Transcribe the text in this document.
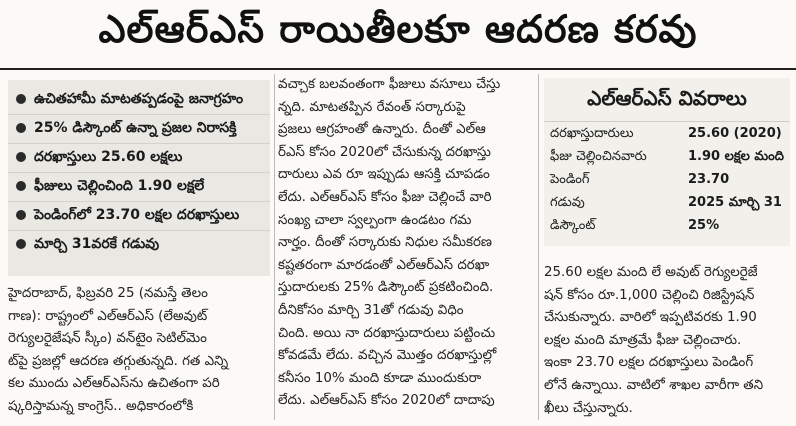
ఎల్‌ఆర్‌ఎస్‌ రాయితీలకూ ఆదరణ కరవు
ఉచితహామీ మాటతప్పడంపై జనాగ్రహం
25% డిస్కౌంట్‌ ఉన్నా ప్రజల నిరాసక్తి
దరఖాస్తులు 25.60 లక్షలు
ఫీజులు చెల్లించింది 1.90 లక్షలే
పెండింగ్‌లో 23.70 లక్షల దరఖాస్తులు
మార్చి 31వరకే గడువు
హైదరాబాద్‌, ఫిబ్రవరి 25 (నమస్తే తెలం
గాణ): రాష్ట్రంలో ఎల్‌ఆర్‌ఎస్‌ (లేఅవుట్‌
రెగ్యులరైజేషన్‌ స్కీం) వన్‌టైం సెటిల్‌మెం
ట్‌పై ప్రజల్లో ఆదరణ తగ్గుతున్నది. గత ఎన్ని
కల ముందు ఎల్‌ఆర్‌ఎస్‌ను ఉచితంగా పరి
ష్కరిస్తామన్న కాంగ్రెస్‌.. అధికారంలోకి
వచ్చాక బలవంతంగా ఫీజులు వసూలు చేస్తు
న్నది. మాటతప్పిన రేవంత్‌ సర్కారుపై
ప్రజలు ఆగ్రహంతో ఉన్నారు. దీంతో ఎల్‌ఆ
ర్‌ఎస్‌ కోసం 2020లో చేసుకున్న దరఖాస్తు
దారులు ఎవ రూ ఇప్పుడు ఆసక్తి చూపడం
లేదు. ఎల్‌ఆర్‌ఎస్‌ కోసం ఫీజు చెల్లించే వారి
సంఖ్య చాలా స్వల్పంగా ఉండటం గమ
నార్హం. దీంతో సర్కారుకు నిధుల సమీకరణ
కష్టతరంగా మారడంతో ఎల్‌ఆర్‌ఎస్‌ దరఖా
స్తుదారులకు 25% డిస్కౌంట్‌ ప్రకటించింది.
దీనికోసం మార్చి 31తో గడువు విధిం
చింది. అయి నా దరఖాస్తుదారులు పట్టించు
కోవడమే లేదు. వచ్చిన మొత్తం దరఖాస్తుల్లో
కనీసం 10% మంది కూడా ముందుకురా
లేదు. ఎల్‌ఆర్‌ఎస్‌ కోసం 2020లో దాదాపు
ఎల్‌ఆర్‌ఎస్‌ వివరాలు
దరఖాస్తుదారులు	25.60 (2020)
ఫీజు చెల్లించినవారు	1.90 లక్షల మంది
పెండింగ్‌	23.70
గడువు	2025 మార్చి 31
డిస్కౌంట్‌	25%
25.60 లక్షల మంది లే అవుట్‌ రెగ్యులరైజే
షన్‌ కోసం రూ.1,000 చెల్లించి రిజిస్ట్రేషన్‌
చేసుకున్నారు. వారిలో ఇప్పటివరకు 1.90
లక్షల మంది మాత్రమే ఫీజు చెల్లించారు.
ఇంకా 23.70 లక్షల దరఖాస్తులు పెండింగ్‌
లోనే ఉన్నాయి. వాటిలో శాఖల వారీగా తని
ఖీలు చేస్తున్నారు.
